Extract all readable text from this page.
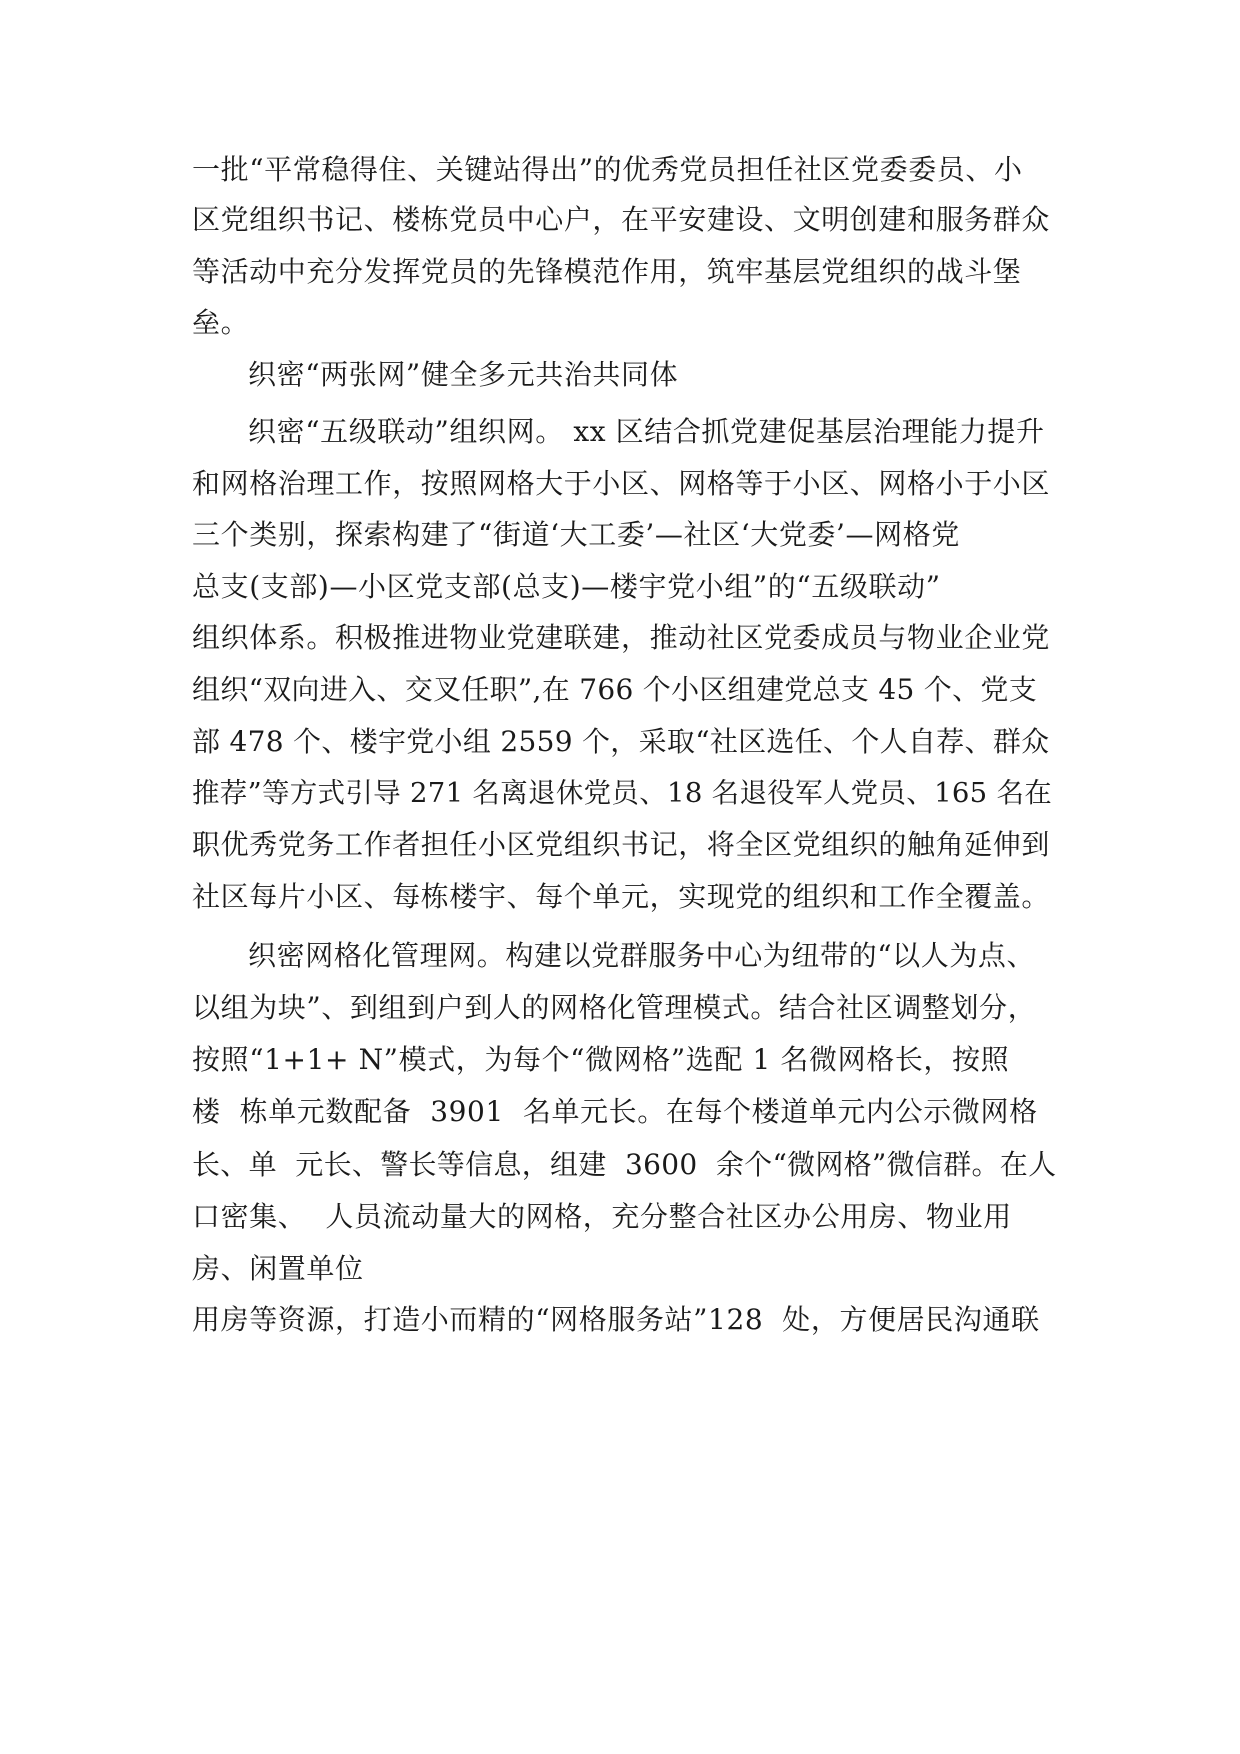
一批“平常稳得住、关键站得出”的优秀党员担任社区党委委员、小
区党组织书记、楼栋党员中心户，在平安建设、文明创建和服务群众
等活动中充分发挥党员的先锋模范作用，筑牢基层党组织的战斗堡
垒。
织密“两张网”健全多元共治共同体
织密“五级联动”组织网。 xx 区结合抓党建促基层治理能力提升
和网格治理工作，按照网格大于小区、网格等于小区、网格小于小区
三个类别，探索构建了“街道‘大工委’—社区‘大党委’—网格党
总支(支部)—小区党支部(总支)—楼宇党小组”的“五级联动”
组织体系。积极推进物业党建联建，推动社区党委成员与物业企业党
组织“双向进入、交叉任职”,在 766 个小区组建党总支 45 个、党支
部 478 个、楼宇党小组 2559 个，采取“社区选任、个人自荐、群众
推荐”等方式引导 271 名离退休党员、18 名退役军人党员、165 名在
职优秀党务工作者担任小区党组织书记，将全区党组织的触角延伸到
社区每片小区、每栋楼宇、每个单元，实现党的组织和工作全覆盖。
织密网格化管理网。构建以党群服务中心为纽带的“以人为点、
以组为块”、到组到户到人的网格化管理模式。结合社区调整划分，
按照“1+1+ N”模式，为每个“微网格”选配 1 名微网格长，按照
楼  栋单元数配备  3901  名单元长。在每个楼道单元内公示微网格
长、单  元长、警长等信息，组建  3600  余个“微网格”微信群。在人
口密集、  人员流动量大的网格，充分整合社区办公用房、物业用
房、闲置单位
用房等资源，打造小而精的“网格服务站”128  处，方便居民沟通联
